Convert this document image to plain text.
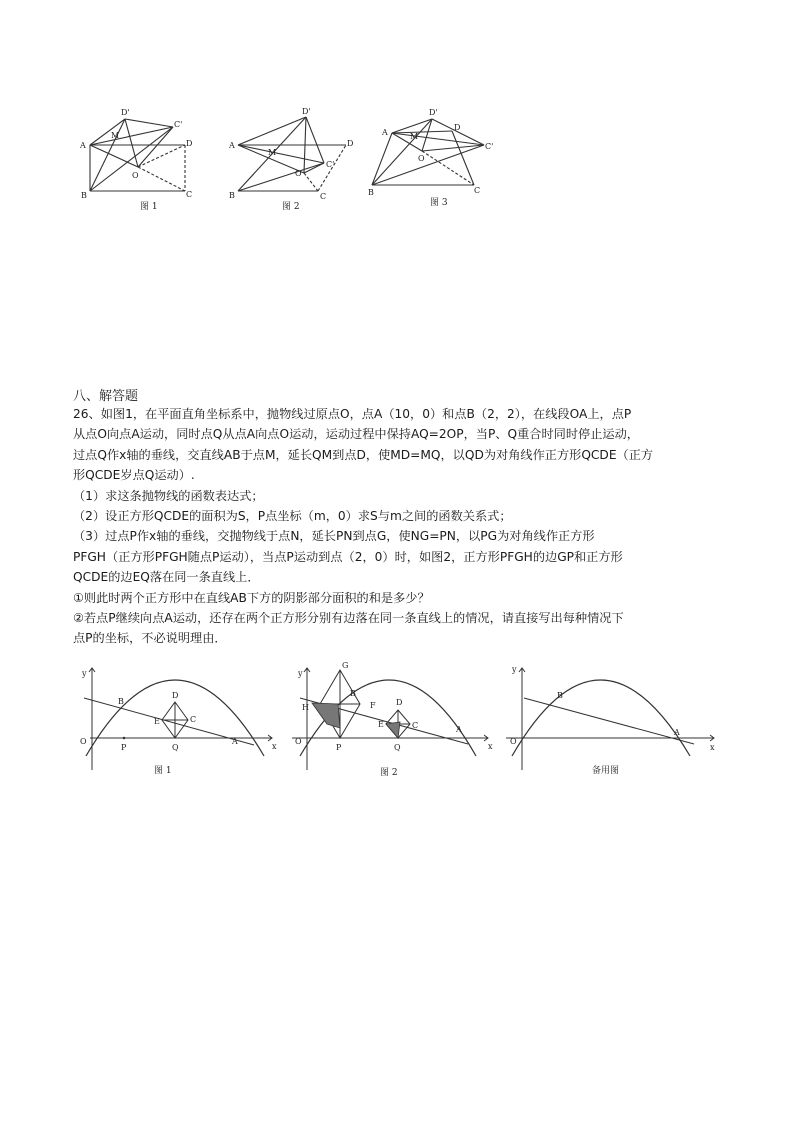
A
B	C
D
D'
C'
M
O
图 1
A
B	C
D
D'
C'
M
O
图 2
A
B	C
D
D'
C'
M
O
图 3
八、解答题

26、如图1，在平面直角坐标系中，抛物线过原点O，点A（10，0）和点B（2，2），在线段OA上，点P

从点O向点A运动，同时点Q从点A向点O运动，运动过程中保持AQ=2OP，当P、Q重合时同时停止运动，

过点Q作x轴的垂线，交直线AB于点M，延长QM到点D，使MD=MQ，以QD为对角线作正方形QCDE（正方

形QCDE岁点Q运动）.

（1）求这条抛物线的函数表达式；

（2）设正方形QCDE的面积为S，P点坐标（m，0）求S与m之间的函数关系式；

（3）过点P作x轴的垂线，交抛物线于点N，延长PN到点G，使NG=PN，以PG为对角线作正方形

PFGH（正方形PFGH随点P运动），当点P运动到点（2，0）时，如图2，正方形PFGH的边GP和正方形

QCDE的边EQ落在同一条直线上．

①则此时两个正方形中在直线AB下方的阴影部分面积的和是多少？

②若点P继续向点A运动，还存在两个正方形分别有边落在同一条直线上的情况，请直接写出每种情况下

点P的坐标，不必说明理由．

y
x
O
B
D
E	C
P	Q
A
图 1
y
x
O
G
H
B
F	D
E	C
P	Q
A
图 2
y
x
O
B
A
备用图
